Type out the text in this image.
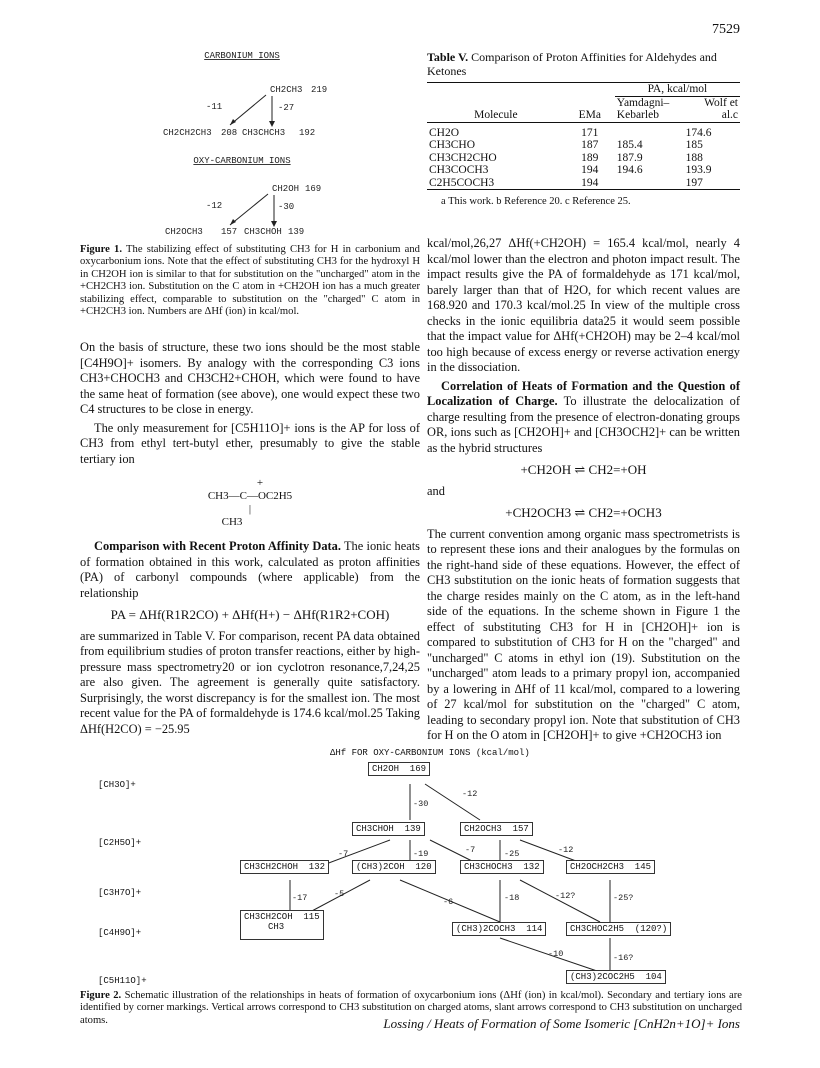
7529
CARBONIUM IONS
CH2CH3 219
-11	-27
CH2CH2CH3 208 CH3CHCH3 192
OXY-CARBONIUM IONS
CH2OH 169
-12	-30
CH2OCH3 157 CH3CHOH 139
Figure 1. The stabilizing effect of substituting CH3 for H in carbonium and oxycarbonium ions. Note that the effect of substituting CH3 for the hydroxyl H in CH2OH ion is similar to that for substitution on the "uncharged" atom in the +CH2CH3 ion. Substitution on the C atom in +CH2OH ion has a much greater stabilizing effect, comparable to substitution on the "charged" C atom in +CH2CH3 ion. Numbers are ΔHf (ion) in kcal/mol.

On the basis of structure, these two ions should be the most stable [C4H9O]+ isomers. By analogy with the corresponding C3 ions CH3+CHOCH3 and CH3CH2+CHOH, which were found to have the same heat of formation (see above), one would expect these two C4 structures to be close in energy.

The only measurement for [C5H11O]+ ions is the AP for loss of CH3 from ethyl tert-butyl ether, presumably to give the stable tertiary ion

+
CH3—C—OC2H5
|
CH3

Comparison with Recent Proton Affinity Data. The ionic heats of formation obtained in this work, calculated as proton affinities (PA) of carbonyl compounds (where applicable) from the relationship

PA = ΔHf(R1R2CO) + ΔHf(H+) − ΔHf(R1R2+COH)

are summarized in Table V. For comparison, recent PA data obtained from equilibrium studies of proton transfer reactions, either by high-pressure mass spectrometry20 or ion cyclotron resonance,7,24,25 are also given. The agreement is generally quite satisfactory. Surprisingly, the worst discrepancy is for the smallest ion. The most recent value for the PA of formaldehyde is 174.6 kcal/mol.25 Taking ΔHf(H2CO) = −25.95

Table V. Comparison of Proton Affinities for Aldehydes and Ketones
		PA, kcal/mol	
Molecule	EMa	Yamdagni–Kebarleb	Wolf et al.c
CH2O	171		174.6
CH3CHO	187	185.4	185
CH3CH2CHO	189	187.9	188
CH3COCH3	194	194.6	193.9
C2H5COCH3	194		197
a This work. b Reference 20. c Reference 25.

kcal/mol,26,27 ΔHf(+CH2OH) = 165.4 kcal/mol, nearly 4 kcal/mol lower than the electron and photon impact result. The impact results give the PA of formaldehyde as 171 kcal/mol, barely larger than that of H2O, for which recent values are 168.920 and 170.3 kcal/mol.25 In view of the multiple cross checks in the ionic equilibria data25 it would seem possible that the impact value for ΔHf(+CH2OH) may be 2–4 kcal/mol too high because of excess energy or reverse activation energy in the dissociation.

Correlation of Heats of Formation and the Question of Localization of Charge. To illustrate the delocalization of charge resulting from the presence of electron-donating groups OR, ions such as [CH2OH]+ and [CH3OCH2]+ can be written as the hybrid structures

+CH2OH ⇌ CH2=+OH

and

+CH2OCH3 ⇌ CH2=+OCH3

The current convention among organic mass spectrometrists is to represent these ions and their analogues by the formulas on the right-hand side of these equations. However, the effect of CH3 substitution on the ionic heats of formation suggests that the charge resides mainly on the C atom, as in the left-hand side of the equations. In the scheme shown in Figure 1 the effect of substituting CH3 for H in [CH2OH]+ ion is compared to substitution of CH3 for H on the "charged" and "uncharged" C atoms in ethyl ion (19). Substitution on the "uncharged" atom leads to a primary propyl ion, accompanied by a lowering in ΔHf of 11 kcal/mol, compared to a lowering of 27 kcal/mol for substitution on the "charged" C atom, leading to secondary propyl ion. Note that substitution of CH3 for H on the O atom in [CH2OH]+ to give +CH2OCH3 ion

ΔHf FOR OXY-CARBONIUM IONS (kcal/mol)
[CH3O]+
[C2H5O]+
[C3H7O]+
[C4H9O]+
[C5H11O]+
-30
-12
-7	-19	-7	-25	-12
-17	-5
-6	-18	-12?	-25?
-10	-16?
CH2OH  169
CH3CHOH  139	CH2OCH3  157
CH3CH2CHOH  132	(CH3)2COH  120	CH3CHOCH3  132	CH2OCH2CH3  145
CH3CH2COH  115
CH3	(CH3)2COCH3  114	CH3CHOC2H5  (120?)
(CH3)2COC2H5  104
Figure 2. Schematic illustration of the relationships in heats of formation of oxycarbonium ions (ΔHf (ion) in kcal/mol). Secondary and tertiary ions are identified by corner markings. Vertical arrows correspond to CH3 substitution on charged atoms, slant arrows correspond to CH3 substitution on uncharged atoms.	Lossing / Heats of Formation of Some Isomeric [CnH2n+1O]+ Ions
